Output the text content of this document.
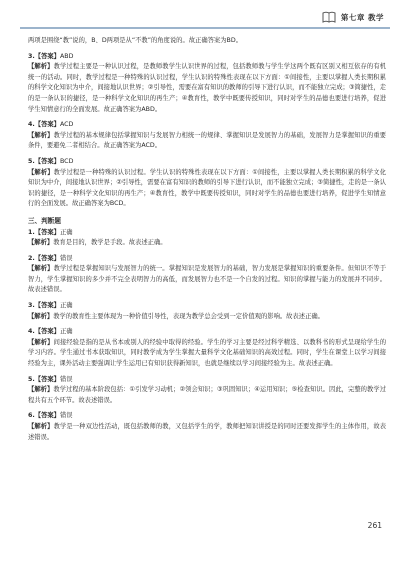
第七章 教学

两项是围绕“教”说的，B、D两项是从“不教”的角度说的。故正确答案为BD。

3.【答案】ABD

【解析】教学过程主要是一种认识过程，是教师教学生认识世界的过程，包括教师教与学生学这两个既有区别又相互依存的有机统一的活动。同时，教学过程是一种特殊的认识过程，学生认识的特殊性表现在以下方面：①间接性，主要以掌握人类长期积累的科学文化知识为中介，间接地认识世界；②引导性，需要在富有知识的教师的引导下进行认识，而不能独立完成；③简捷性，走的是一条认识的捷径，是一种科学文化知识的再生产；④教育性，教学中既要传授知识，同时对学生的品德也要进行培养，促进学生知情意行的全面发展。故正确答案为ABD。

4.【答案】ACD

【解析】教学过程的基本规律包括掌握知识与发展智力相统一的规律、掌握知识是发展智力的基础，发展智力是掌握知识的重要条件，要避免二者相结合。故正确答案为ACD。

5.【答案】BCD

【解析】教学过程是一种特殊的认识过程。学生认识的特殊性表现在以下方面：①间接性，主要以掌握人类长期积累的科学文化知识为中介，间接地认识世界；②引导性，需要在富有知识的教师的引导下进行认识，而不能独立完成；③简捷性，走的是一条认识的捷径，是一种科学文化知识的再生产；④教育性，教学中既要传授知识，同时对学生的品德也要进行培养，促进学生知情意行的全面发展。故正确答案为BCD。

三、判断题

1.【答案】正确

【解析】教育是目的，教学是手段。故表述正确。

2.【答案】错误

【解析】教学过程是掌握知识与发展智力的统一。掌握知识是发展智力的基础，智力发展是掌握知识的重要条件。但知识不等于智力，学生掌握知识的多少并不完全表明智力的高低，而发展智力也不是一个自发的过程。知识的掌握与能力的发展并不同步。故表述错误。

3.【答案】正确

【解析】教学的教育性主要体现为一种价值引导性，表现为教学总会受到一定价值观的影响。故表述正确。

4.【答案】正确

【解析】间接经验是指的是从书本或别人的经验中取得的经验。学生的学习主要是经过科学精选、以教科书的形式呈现给学生的学习内容。学生通过书本获取知识，同时教学成为学生掌握大量科学文化基础知识的高效过程。同时，学生在课堂上以学习间接经验为主，课外活动主要强调让学生运用已有知识获得新知识，也就是继续以学习间接经验为主。故表述正确。

5.【答案】错误

【解析】教学过程的基本阶段包括：①引发学习动机；②领会知识；③巩固知识；④运用知识；⑤检查知识。因此，完整的教学过程共有五个环节。故表述错误。

6.【答案】错误

【解析】教学是一种双边性活动，既包括教师的教，又包括学生的学，教师把知识讲授是的同时还要发挥学生的主体作用，故表述错误。

261
